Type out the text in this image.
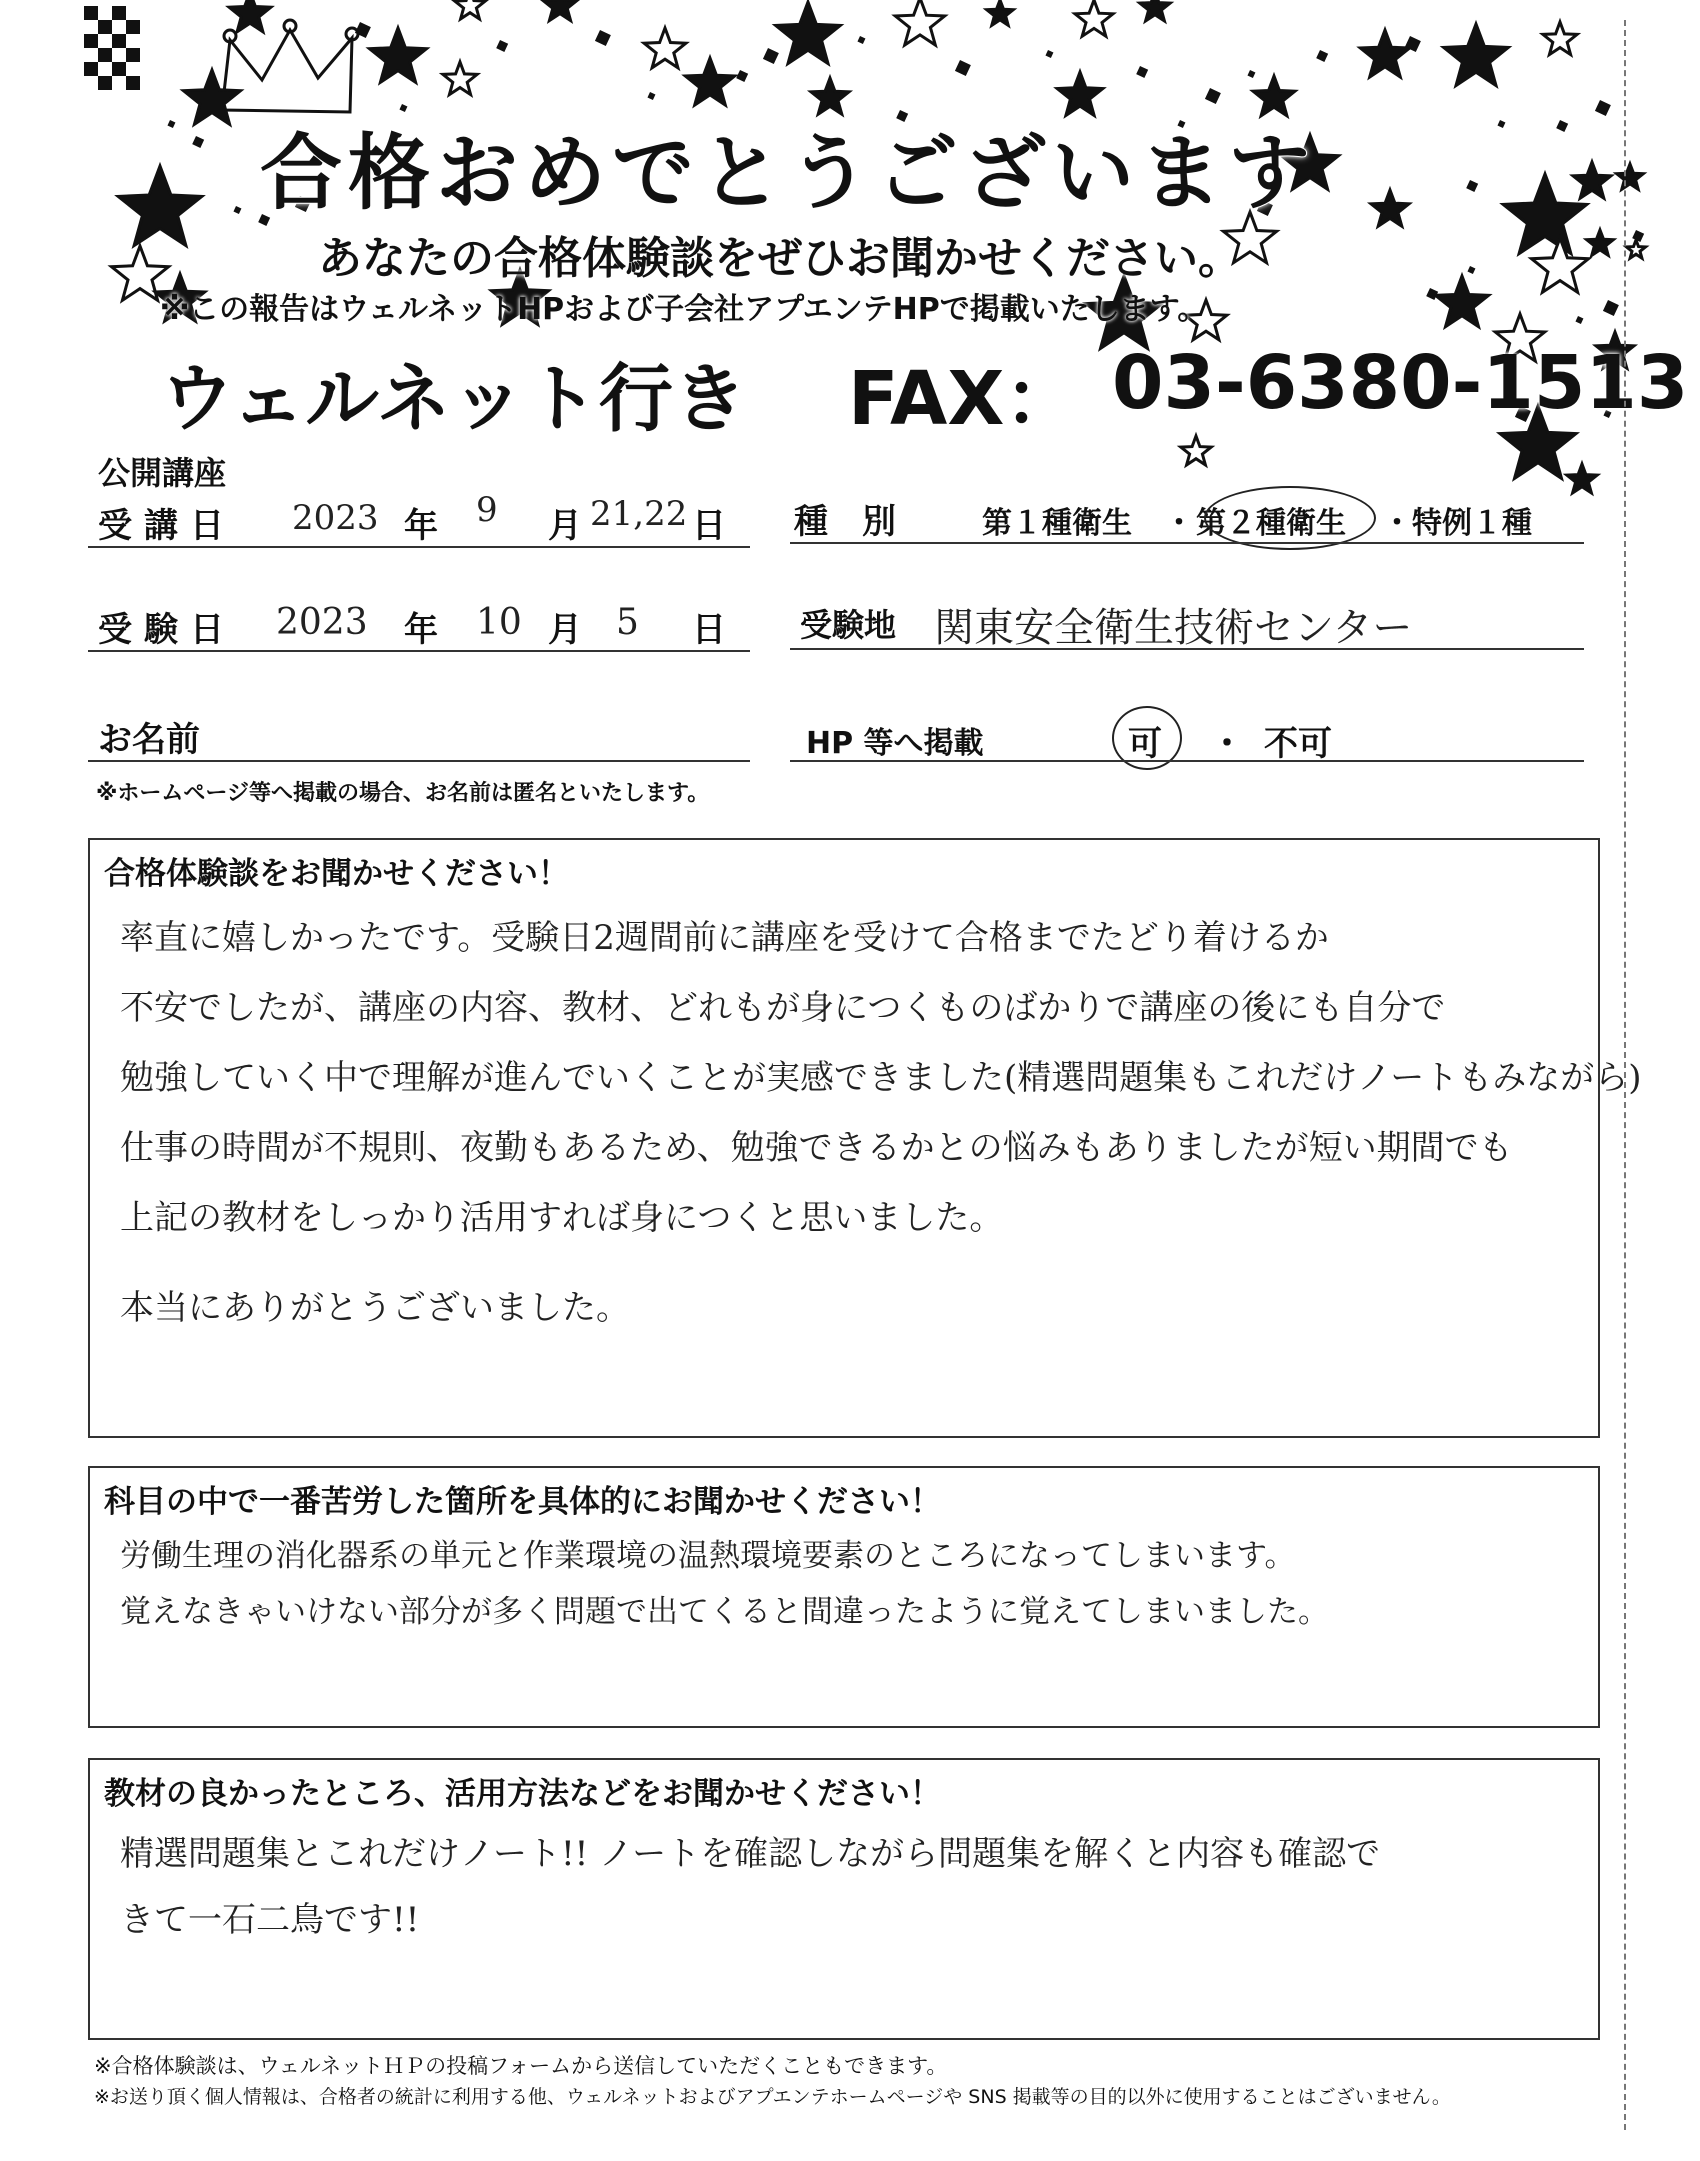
合格おめでとうございます
あなたの合格体験談をぜひお聞かせください。
※この報告はウェルネットHPおよび子会社アプエンテHPで掲載いたします。
ウェルネット行き FAX： 03-6380-1513
公開講座
受講日 2023 年 9 月 21,22 日 種　別	第１種衛生 ・ 第２種衛生 ・ 特例１種
受験日 2023 年 10 月 5 日 受験地 関東安全衛生技術センター
お名前	HP 等へ掲載	可 ・ 不可
※ホームページ等へ掲載の場合、お名前は匿名といたします。
合格体験談をお聞かせください！
率直に嬉しかったです。受験日2週間前に講座を受けて合格までたどり着けるか
不安でしたが、講座の内容、教材、どれもが身につくものばかりで講座の後にも自分で
勉強していく中で理解が進んでいくことが実感できました(精選問題集もこれだけノートもみながら)
仕事の時間が不規則、夜勤もあるため、勉強できるかとの悩みもありましたが短い期間でも
上記の教材をしっかり活用すれば身につくと思いました。
本当にありがとうございました。
科目の中で一番苦労した箇所を具体的にお聞かせください！
労働生理の消化器系の単元と作業環境の温熱環境要素のところになってしまいます。
覚えなきゃいけない部分が多く問題で出てくると間違ったように覚えてしまいました。
教材の良かったところ、活用方法などをお聞かせください！
精選問題集とこれだけノート!! ノートを確認しながら問題集を解くと内容も確認で
きて一石二鳥です!!
※合格体験談は、ウェルネットＨＰの投稿フォームから送信していただくこともできます。
※お送り頂く個人情報は、合格者の統計に利用する他、ウェルネットおよびアプエンテホームページや SNS 掲載等の目的以外に使用することはございません。
